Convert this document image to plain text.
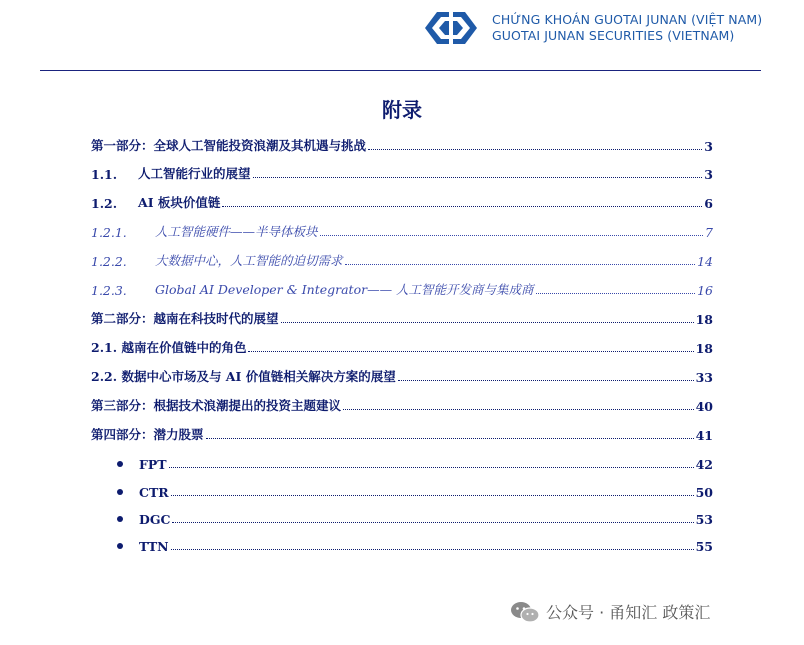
CHỨNG KHOÁN GUOTAI JUNAN (VIỆT NAM)
GUOTAI JUNAN SECURITIES (VIETNAM)
附录
第一部分：全球人工智能投资浪潮及其机遇与挑战	3
1.1.	人工智能行业的展望	3
1.2.	AI 板块价值链	6
1.2.1.	人工智能硬件——半导体板块	7
1.2.2.	大数据中心，人工智能的迫切需求	14
1.2.3.	Global AI Developer & Integrator—— 人工智能开发商与集成商	16
第二部分：越南在科技时代的展望	18
2.1. 越南在价值链中的角色	18
2.2. 数据中心市场及与 AI 价值链相关解决方案的展望	33
第三部分：根据技术浪潮提出的投资主题建议	40
第四部分：潜力股票	41
FPT	42
CTR	50
DGC	53
TTN	55
公众号 · 甬知汇 政策汇
